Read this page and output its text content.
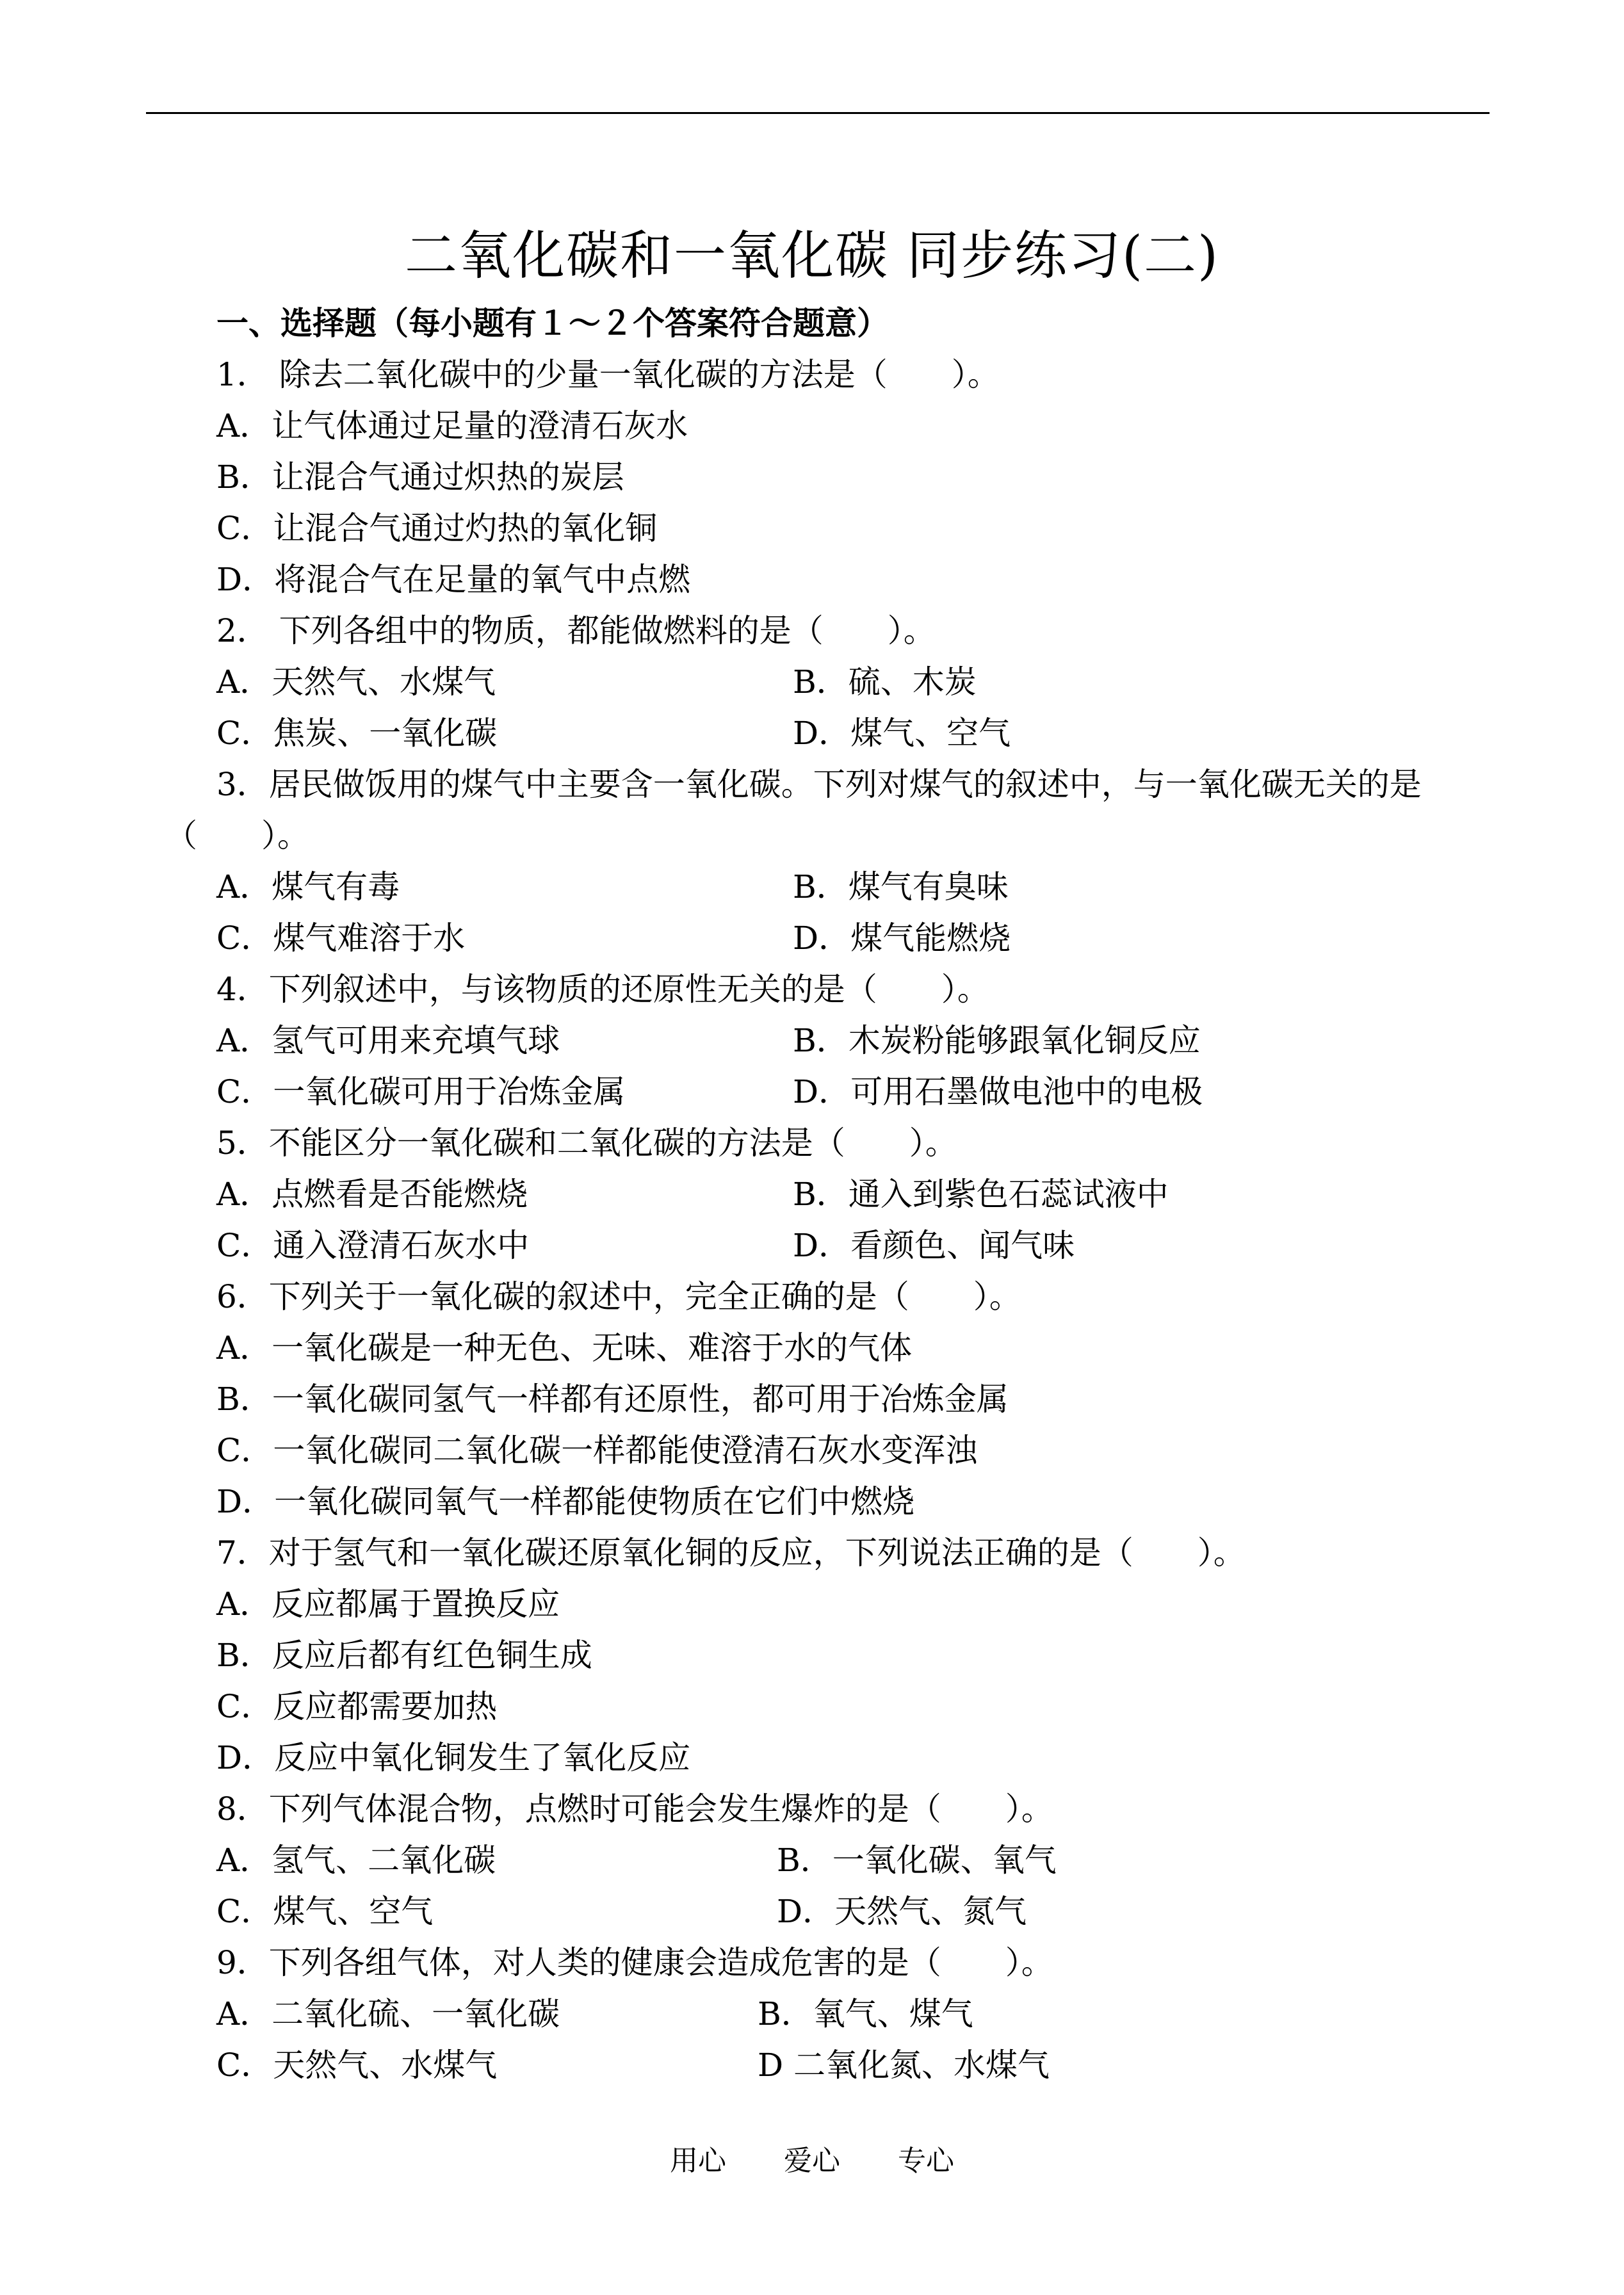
二氧化碳和一氧化碳 同步练习(二)
一、选择题（每小题有１～２个答案符合题意）
1． 除去二氧化碳中的少量一氧化碳的方法是（　　）。
A．让气体通过足量的澄清石灰水
B．让混合气通过炽热的炭层
C．让混合气通过灼热的氧化铜
D．将混合气在足量的氧气中点燃
2． 下列各组中的物质，都能做燃料的是（　　）。
A．天然气、水煤气	B．硫、木炭
C．焦炭、一氧化碳	D．煤气、空气
3．居民做饭用的煤气中主要含一氧化碳。下列对煤气的叙述中，与一氧化碳无关的是（　　）。
A．煤气有毒	B．煤气有臭味
C．煤气难溶于水	D．煤气能燃烧
4．下列叙述中，与该物质的还原性无关的是（　　）。
A．氢气可用来充填气球	B．木炭粉能够跟氧化铜反应
C．一氧化碳可用于冶炼金属	D．可用石墨做电池中的电极
5．不能区分一氧化碳和二氧化碳的方法是（　　）。
A．点燃看是否能燃烧	B．通入到紫色石蕊试液中
C．通入澄清石灰水中	D．看颜色、闻气味
6．下列关于一氧化碳的叙述中，完全正确的是（　　）。
A．一氧化碳是一种无色、无味、难溶于水的气体
B．一氧化碳同氢气一样都有还原性，都可用于冶炼金属
C．一氧化碳同二氧化碳一样都能使澄清石灰水变浑浊
D．一氧化碳同氧气一样都能使物质在它们中燃烧
7．对于氢气和一氧化碳还原氧化铜的反应，下列说法正确的是（　　）。
A．反应都属于置换反应
B．反应后都有红色铜生成
C．反应都需要加热
D．反应中氧化铜发生了氧化反应
8．下列气体混合物，点燃时可能会发生爆炸的是（　　）。
A．氢气、二氧化碳	B．一氧化碳、氧气
C．煤气、空气	D．天然气、氮气
9．下列各组气体，对人类的健康会造成危害的是（　　）。
A．二氧化硫、一氧化碳	B．氧气、煤气
C．天然气、水煤气	D 二氧化氮、水煤气
用心 爱心 专心
